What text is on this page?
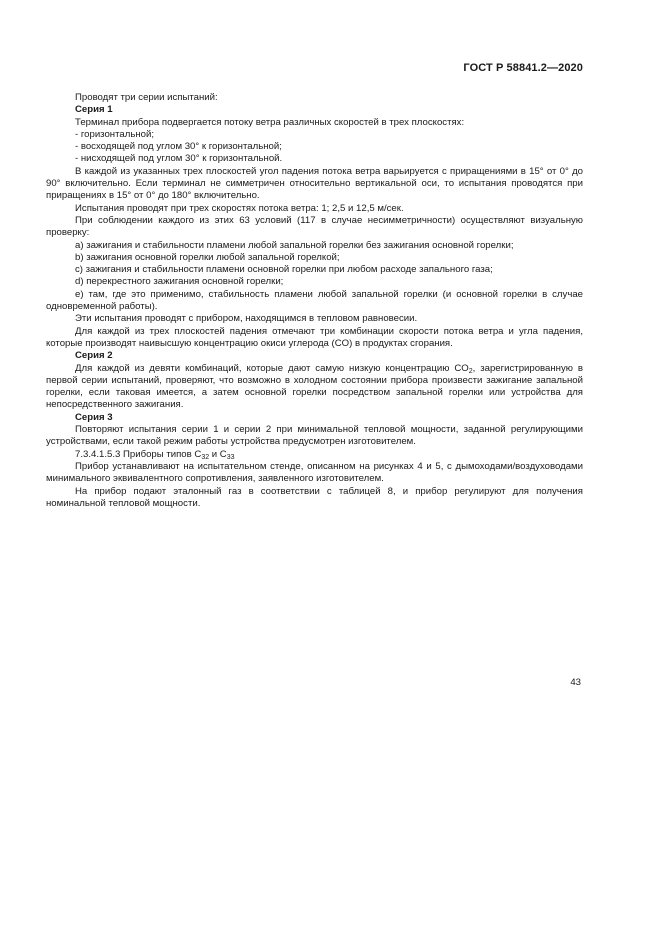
ГОСТ Р 58841.2—2020

Проводят три серии испытаний:

Серия 1

Терминал прибора подвергается потоку ветра различных скоростей в трех плоскостях:

- горизонтальной;

- восходящей под углом 30° к горизонтальной;

- нисходящей под углом 30° к горизонтальной.

В каждой из указанных трех плоскостей угол падения потока ветра варьируется с приращениями в 15° от 0° до 90° включительно. Если терминал не симметричен относительно вертикальной оси, то испытания проводятся при приращениях в 15° от 0° до 180° включительно.

Испытания проводят при трех скоростях потока ветра: 1; 2,5 и 12,5 м/сек.

При соблюдении каждого из этих 63 условий (117 в случае несимметричности) осуществляют визуальную проверку:

a) зажигания и стабильности пламени любой запальной горелки без зажигания основной горелки;

b) зажигания основной горелки любой запальной горелкой;

c) зажигания и стабильности пламени основной горелки при любом расходе запального газа;

d) перекрестного зажигания основной горелки;

e) там, где это применимо, стабильность пламени любой запальной горелки (и основной горелки в случае одновременной работы).

Эти испытания проводят с прибором, находящимся в тепловом равновесии.

Для каждой из трех плоскостей падения отмечают три комбинации скорости потока ветра и угла падения, которые производят наивысшую концентрацию окиси углерода (CO) в продуктах сгорания.

Серия 2

Для каждой из девяти комбинаций, которые дают самую низкую концентрацию $CO_2$, зарегистрированную в первой серии испытаний, проверяют, что возможно в холодном состоянии прибора произвести зажигание запальной горелки, если таковая имеется, а затем основной горелки посредством запальной горелки или устройства для непосредственного зажигания.

Серия 3

Повторяют испытания серии 1 и серии 2 при минимальной тепловой мощности, заданной регулирующими устройствами, если такой режим работы устройства предусмотрен изготовителем.

7.3.4.1.5.3 Приборы типов $C_{32}$ и $C_{33}$

Прибор устанавливают на испытательном стенде, описанном на рисунках 4 и 5, с дымоходами/воздуховодами минимального эквивалентного сопротивления, заявленного изготовителем.

На прибор подают эталонный газ в соответствии с таблицей 8, и прибор регулируют для получения номинальной тепловой мощности.

43
